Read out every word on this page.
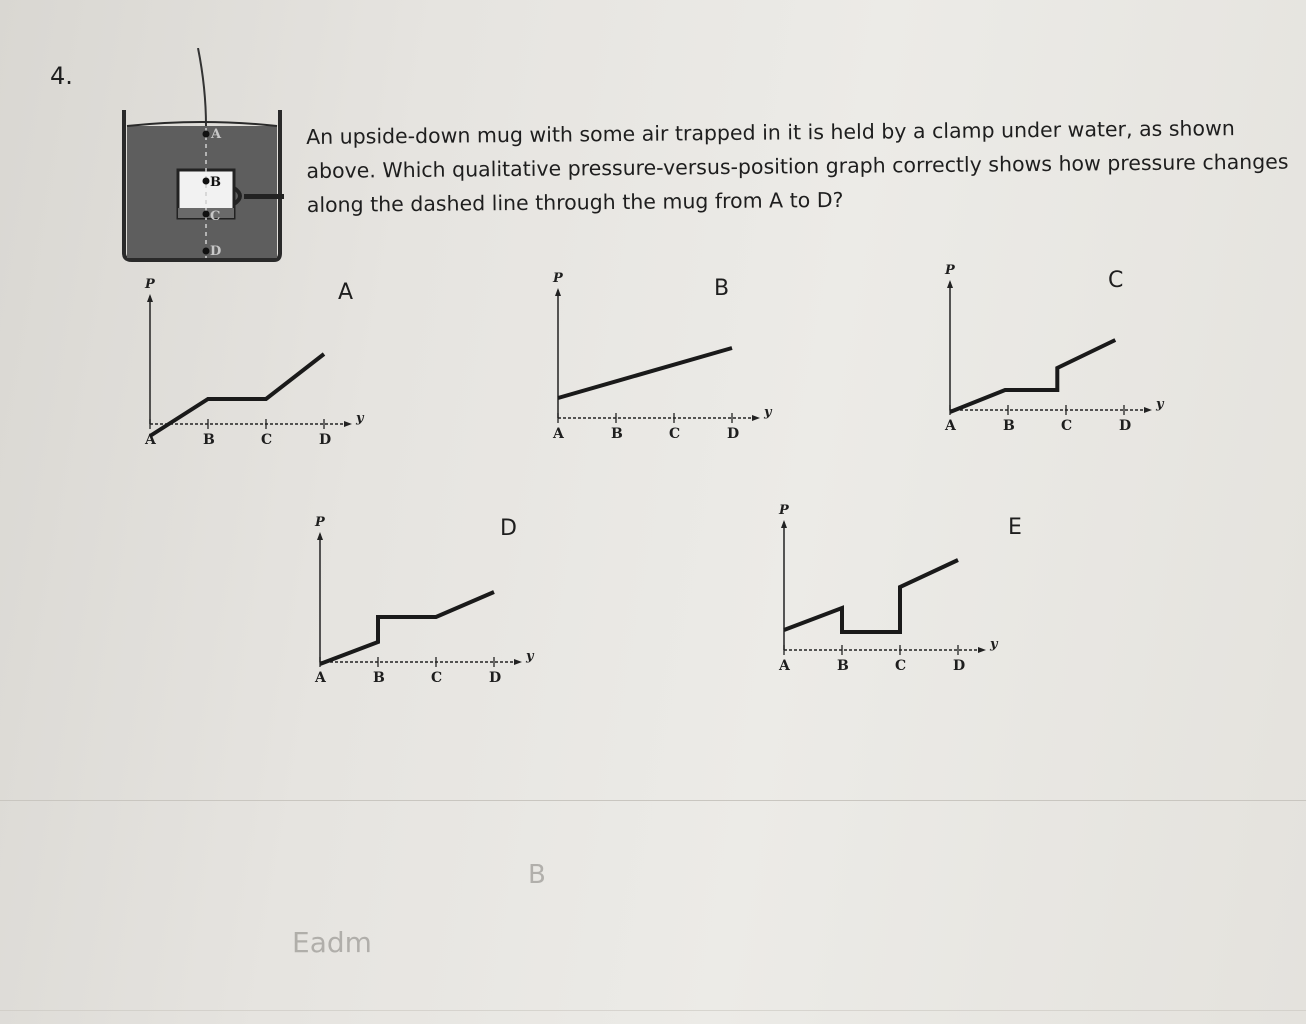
4.
A
B
C
D

An upside-down mug with some air trapped in it is held by a clamp under water, as shown above. Which qualitative pressure-versus-position graph correctly shows how pressure changes along the dashed line through the mug from A to D?

A	B	C
D	E
P
y
A	B	C	D
P
y
A	B	C	D
P
y
A	B	C	D
P
y
A	B	C	D
P
y
A	B	C	D
B
Eadm
